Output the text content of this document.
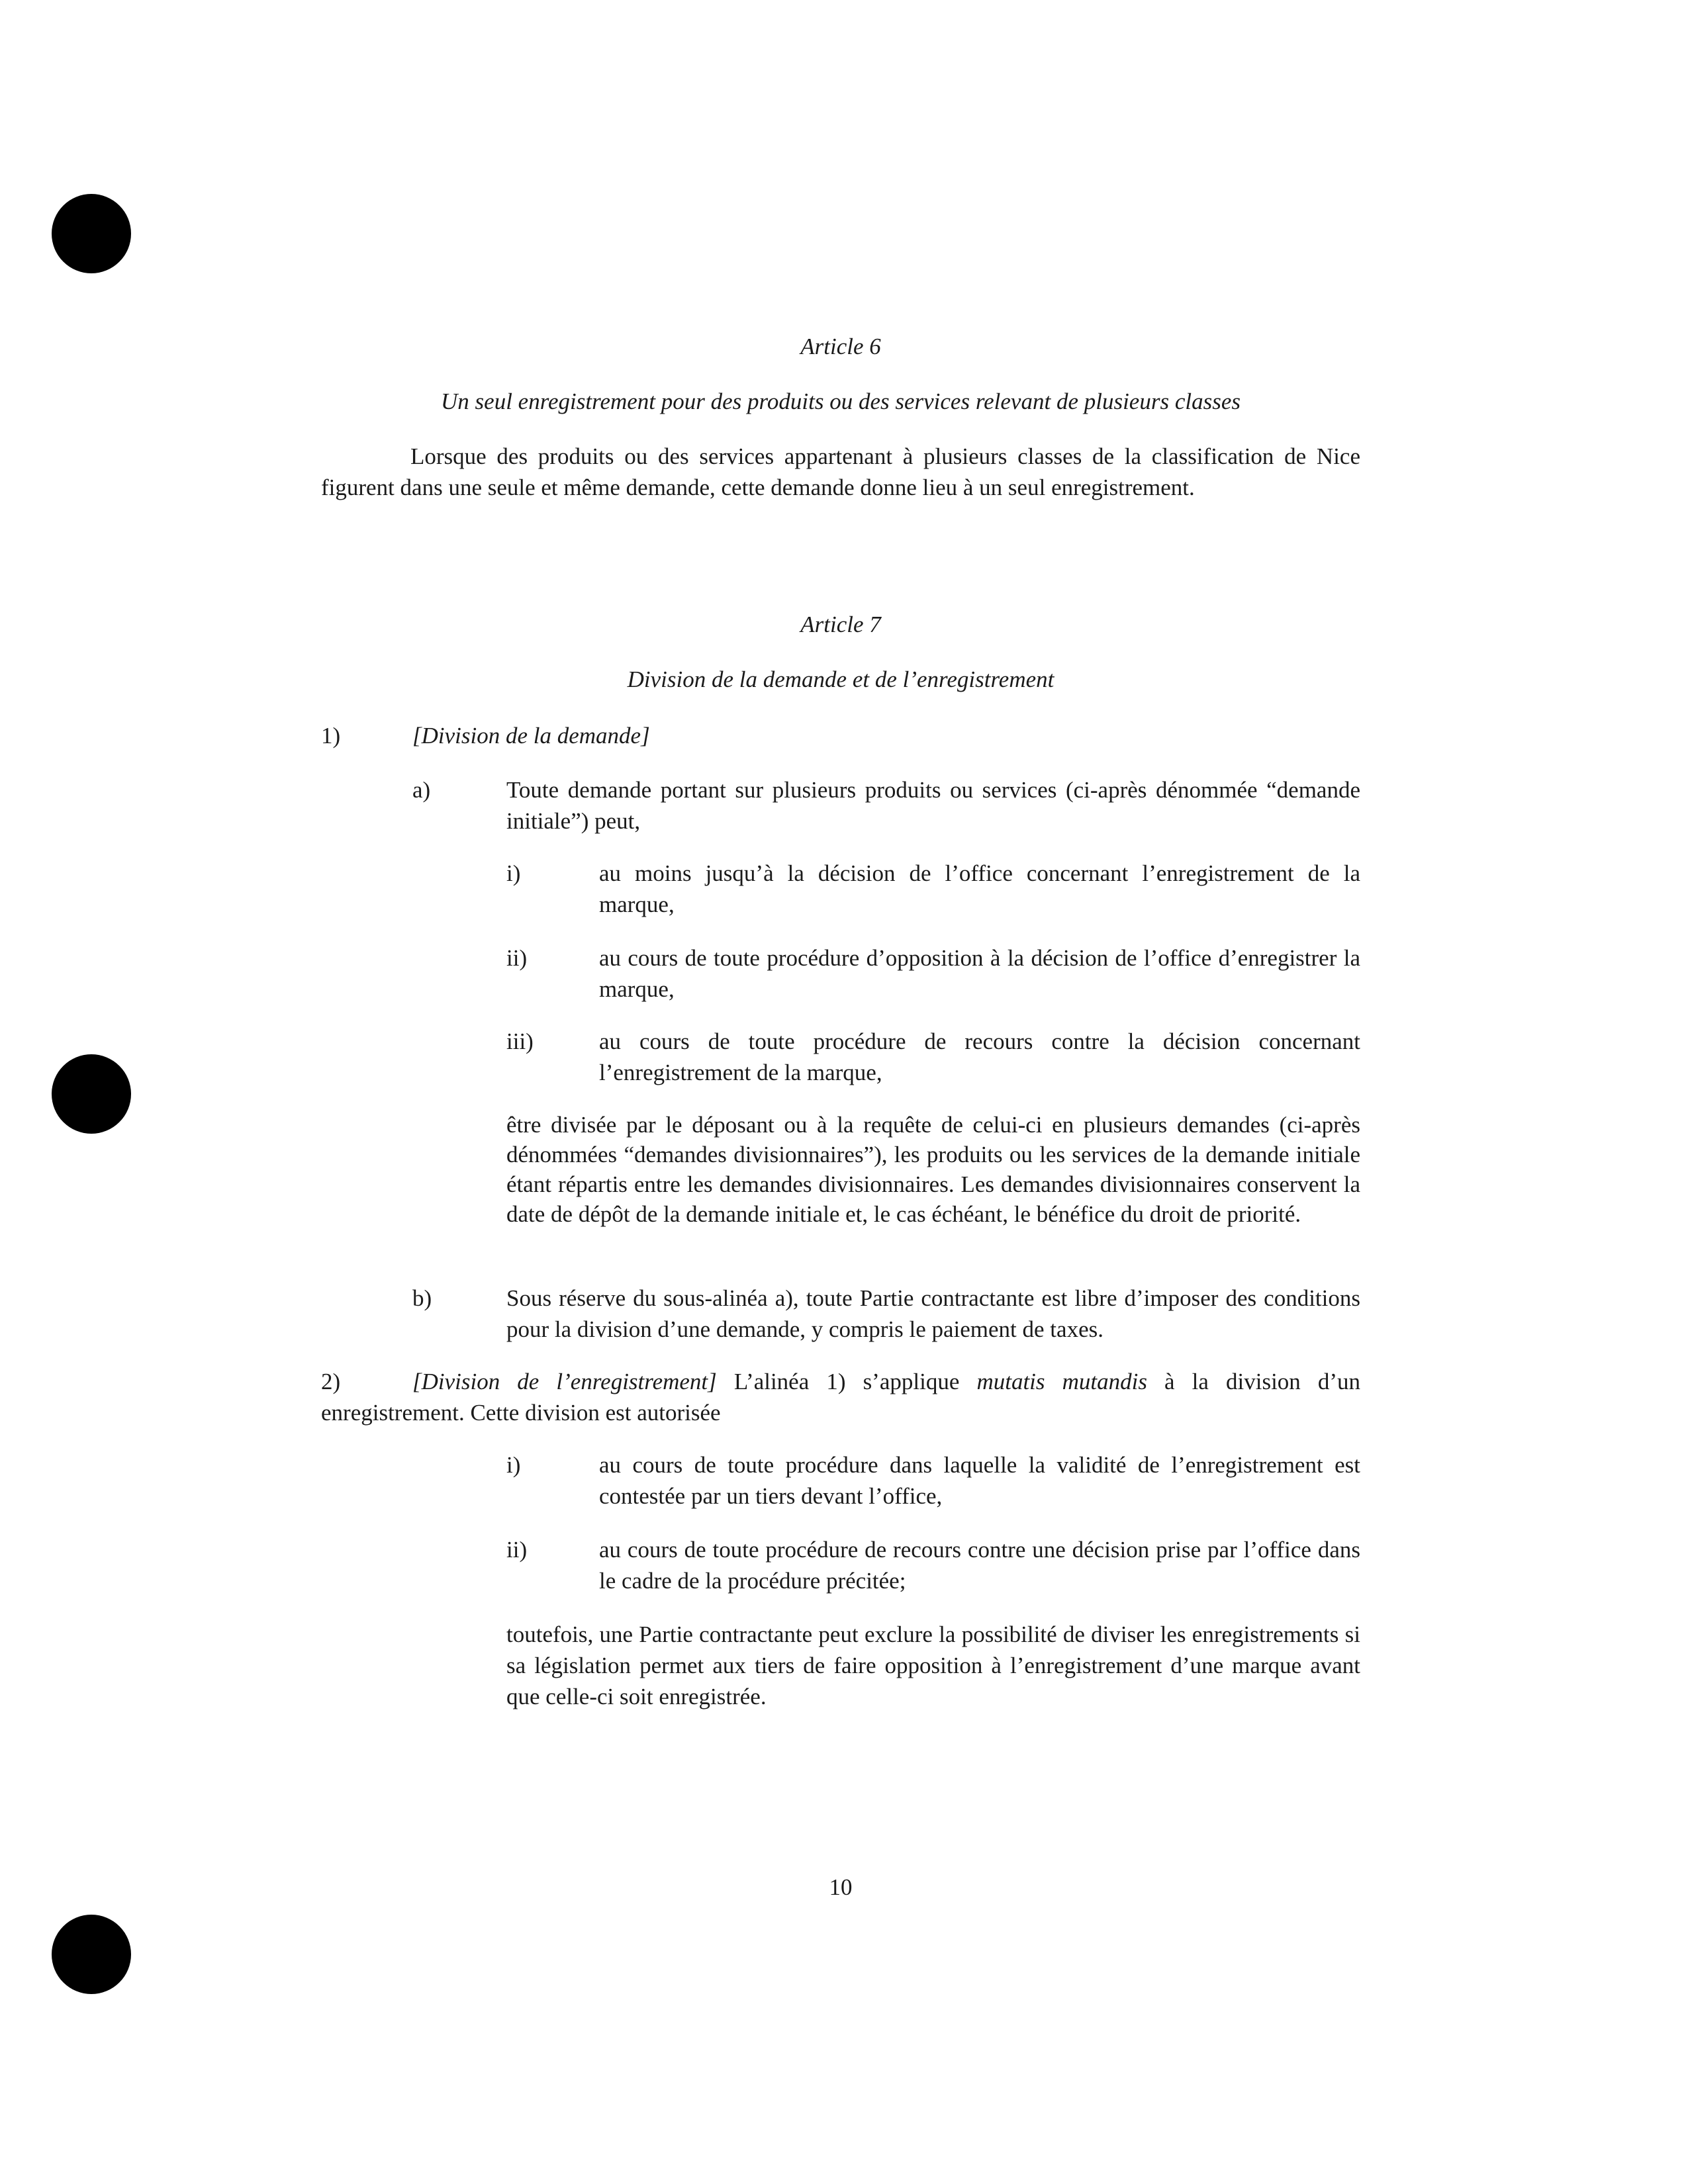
Article 6

Un seul enregistrement pour des produits ou des services relevant de plusieurs classes

Lorsque des produits ou des services appartenant à plusieurs classes de la classification de Nice figurent dans une seule et même demande, cette demande donne lieu à un seul enregistrement.

Article 7

Division de la demande et de l’enregistrement

1)	[Division de la demande]

a)	Toute demande portant sur plusieurs produits ou services (ci-après dénommée “demande initiale”) peut,

i)	au moins jusqu’à la décision de l’office concernant l’enregistrement de la marque,

ii)	au cours de toute procédure d’opposition à la décision de l’office d’enregistrer la marque,

iii)	au cours de toute procédure de recours contre la décision concernant l’enregistrement de la marque,

être divisée par le déposant ou à la requête de celui-ci en plusieurs demandes (ci-après dénommées “demandes divisionnaires”), les produits ou les services de la demande initiale étant répartis entre les demandes divisionnaires. Les demandes divisionnaires conservent la date de dépôt de la demande initiale et, le cas échéant, le bénéfice du droit de priorité.

b)	Sous réserve du sous-alinéa a), toute Partie contractante est libre d’imposer des conditions pour la division d’une demande, y compris le paiement de taxes.

2)	[Division de l’enregistrement] L’alinéa 1) s’applique mutatis mutandis à la division d’un enregistrement. Cette division est autorisée

i)	au cours de toute procédure dans laquelle la validité de l’enregistrement est contestée par un tiers devant l’office,

ii)	au cours de toute procédure de recours contre une décision prise par l’office dans le cadre de la procédure précitée;

toutefois, une Partie contractante peut exclure la possibilité de diviser les enregistrements si sa législation permet aux tiers de faire opposition à l’enregistrement d’une marque avant que celle-ci soit enregistrée.

10
